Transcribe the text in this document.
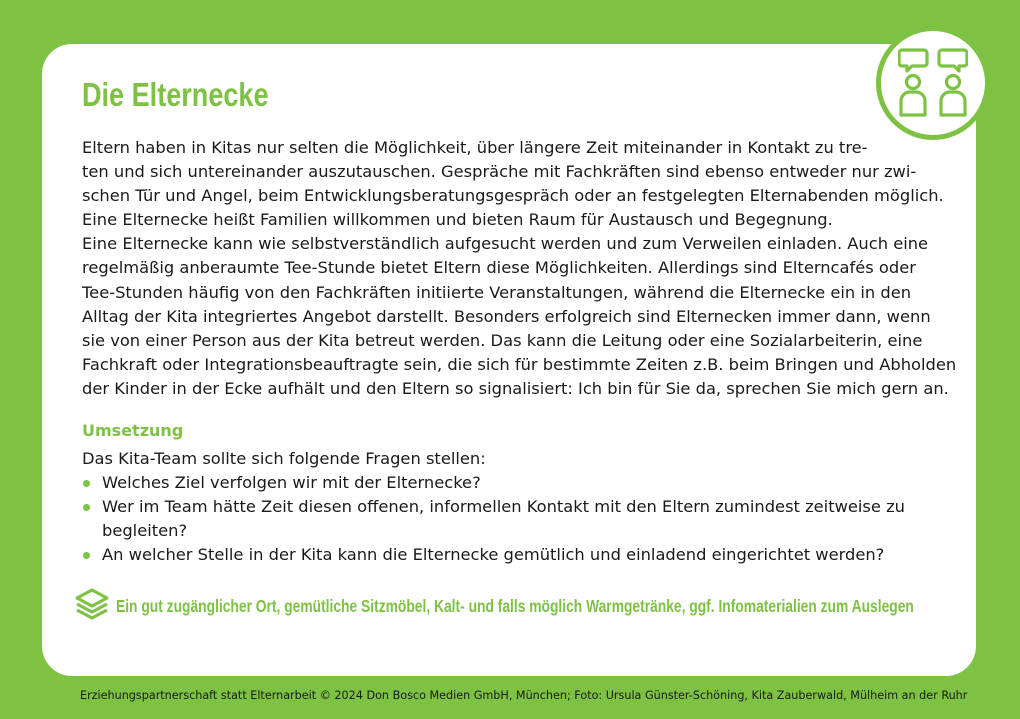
Die Elternecke
Eltern haben in Kitas nur selten die Möglichkeit, über längere Zeit miteinander in Kontakt zu tre-
ten und sich untereinander auszutauschen. Gespräche mit Fachkräften sind ebenso entweder nur zwi-
schen Tür und Angel, beim Entwicklungsberatungsgespräch oder an festgelegten Elternabenden möglich.
Eine Elternecke heißt Familien willkommen und bieten Raum für Austausch und Begegnung.
Eine Elternecke kann wie selbstverständlich aufgesucht werden und zum Verweilen einladen. Auch eine
regelmäßig anberaumte Tee-Stunde bietet Eltern diese Möglichkeiten. Allerdings sind Elterncafés oder
Tee-Stunden häufig von den Fachkräften initiierte Veranstaltungen, während die Elternecke ein in den
Alltag der Kita integriertes Angebot darstellt. Besonders erfolgreich sind Elternecken immer dann, wenn
sie von einer Person aus der Kita betreut werden. Das kann die Leitung oder eine Sozialarbeiterin, eine
Fachkraft oder Integrationsbeauftragte sein, die sich für bestimmte Zeiten z.B. beim Bringen und Abholden
der Kinder in der Ecke aufhält und den Eltern so signalisiert: Ich bin für Sie da, sprechen Sie mich gern an.
Umsetzung
Das Kita-Team sollte sich folgende Fragen stellen:
Welches Ziel verfolgen wir mit der Elternecke?
Wer im Team hätte Zeit diesen offenen, informellen Kontakt mit den Eltern zumindest zeitweise zu
begleiten?
An welcher Stelle in der Kita kann die Elternecke gemütlich und einladend eingerichtet werden?
Ein gut zugänglicher Ort, gemütliche Sitzmöbel, Kalt- und falls möglich Warmgetränke, ggf. Infomaterialien zum Auslegen
Erziehungspartnerschaft statt Elternarbeit © 2024 Don Bosco Medien GmbH, München; Foto: Ursula Günster-Schöning, Kita Zauberwald, Mülheim an der Ruhr
